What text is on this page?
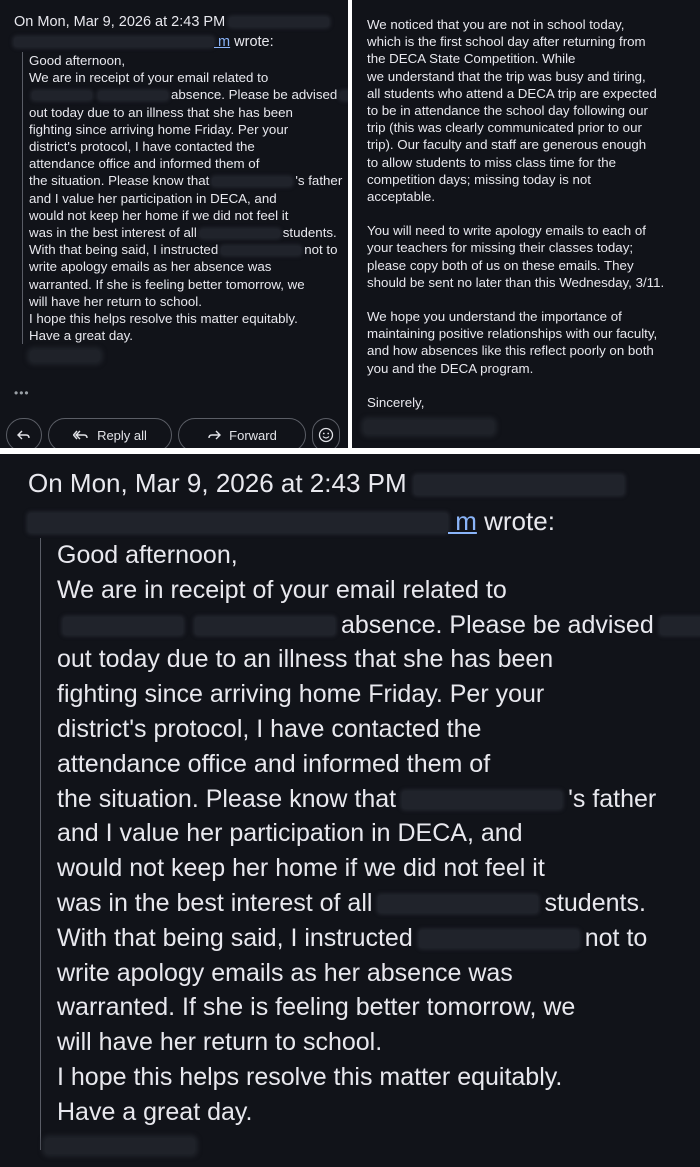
On Mon, Mar 9, 2026 at 2:43 PM
m wrote:
Good afternoon,
We are in receipt of your email related to
absence. Please be advised
out today due to an illness that she has been
fighting since arriving home Friday. Per your
district's protocol, I have contacted the
attendance office and informed them of
the situation. Please know that	's father
and I value her participation in DECA, and
would not keep her home if we did not feel it
was in the best interest of all	students.
With that being said, I instructed	not to
write apology emails as her absence was
warranted. If she is feeling better tomorrow, we
will have her return to school.
I hope this helps resolve this matter equitably.
Have a great day.
•••
Reply all	Forward
We noticed that you are not in school today,
which is the first school day after returning from
the DECA State Competition. While
we understand that the trip was busy and tiring,
all students who attend a DECA trip are expected
to be in attendance the school day following our
trip (this was clearly communicated prior to our
trip). Our faculty and staff are generous enough
to allow students to miss class time for the
competition days; missing today is not
acceptable.
You will need to write apology emails to each of
your teachers for missing their classes today;
please copy both of us on these emails. They
should be sent no later than this Wednesday, 3/11.
We hope you understand the importance of
maintaining positive relationships with our faculty,
and how absences like this reflect poorly on both
you and the DECA program.
Sincerely,
On Mon, Mar 9, 2026 at 2:43 PM
m wrote:
Good afternoon,
We are in receipt of your email related to
absence. Please be advised
out today due to an illness that she has been
fighting since arriving home Friday. Per your
district's protocol, I have contacted the
attendance office and informed them of
the situation. Please know that	's father
and I value her participation in DECA, and
would not keep her home if we did not feel it
was in the best interest of all	students.
With that being said, I instructed	not to
write apology emails as her absence was
warranted. If she is feeling better tomorrow, we
will have her return to school.
I hope this helps resolve this matter equitably.
Have a great day.
